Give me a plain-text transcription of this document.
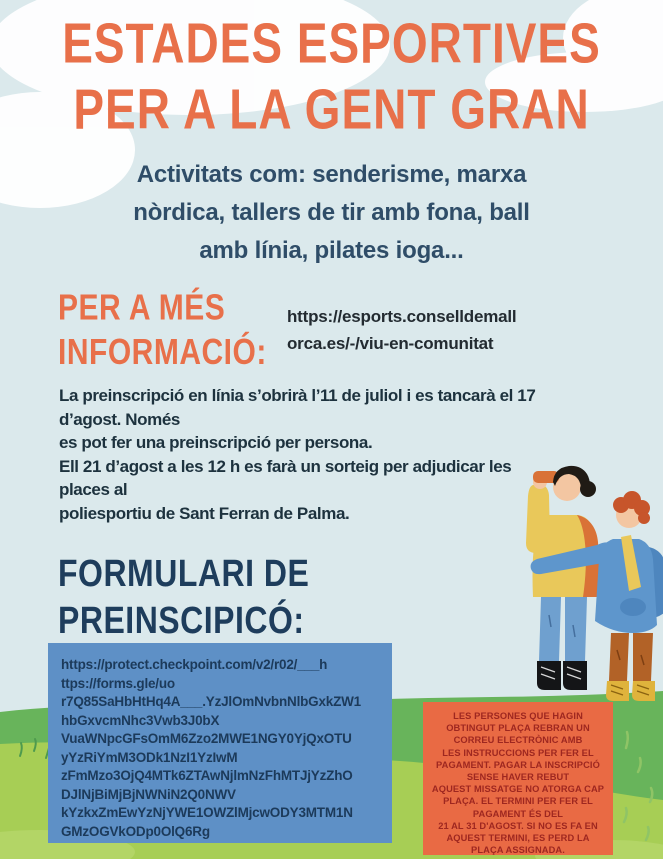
ESTADES ESPORTIVES
PER A LA GENT GRAN
Activitats com: senderisme, marxa
nòrdica, tallers de tir amb fona, ball
amb línia, pilates ioga...
PER A MÉS
INFORMACIÓ:
https://esports.conselldemall
orca.es/-/viu-en-comunitat
La preinscripció en línia s’obrirà l’11 de juliol i es tancarà el 17
d’agost. Només
es pot fer una preinscripció per persona.
Ell 21 d’agost a les 12 h es farà un sorteig per adjudicar les
places al
poliesportiu de Sant Ferran de Palma.
FORMULARI DE
PREINSCIPICÓ:
https://protect.checkpoint.com/v2/r02/___h
ttps://forms.gle/uo
r7Q85SaHbHtHq4A___.YzJlOmNvbnNlbGxkZW1
hbGxvcmNhc3Vwb3J0bX
VuaWNpcGFsOmM6Zzo2MWE1NGY0YjQxOTU
yYzRiYmM3ODk1NzI1YzIwM
zFmMzo3OjQ4MTk6ZTAwNjlmNzFhMTJjYzZhO
DJlNjBiMjBjNWNiN2Q0NWV
kYzkxZmEwYzNjYWE1OWZlMjcwODY3MTM1N
GMzOGVkODp0OlQ6Rg
LES PERSONES QUE HAGIN
OBTINGUT PLAÇA REBRAN UN
CORREU ELECTRÒNIC AMB
LES INSTRUCCIONS PER FER EL
PAGAMENT. PAGAR LA INSCRIPCIÓ
SENSE HAVER REBUT
AQUEST MISSATGE NO ATORGA CAP
PLAÇA. EL TERMINI PER FER EL
PAGAMENT ÉS DEL
21 AL 31 D'AGOST. SI NO ES FA EN
AQUEST TERMINI, ES PERD LA
PLAÇA ASSIGNADA.
